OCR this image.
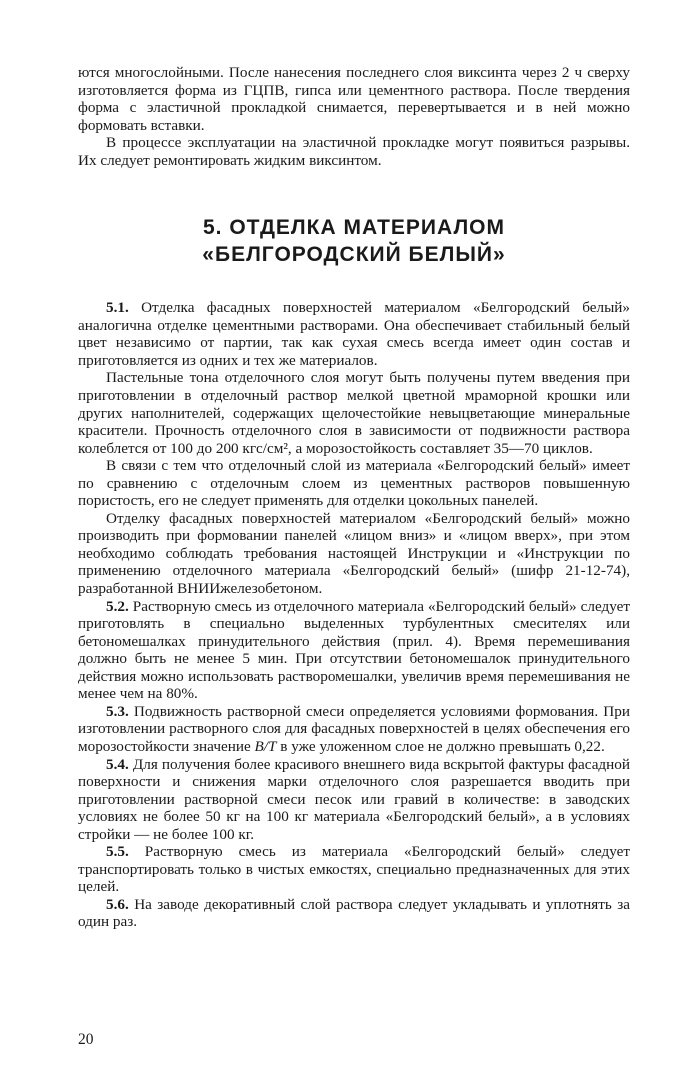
ются многослойными. После нанесения последнего слоя виксинта через 2 ч сверху изготовляется форма из ГЦПВ, гипса или цементного раствора. После твердения форма с эластичной прокладкой снимается, перевертывается и в ней можно формовать вставки.

В процессе эксплуатации на эластичной прокладке могут появиться разрывы. Их следует ремонтировать жидким виксинтом.

5. ОТДЕЛКА МАТЕРИАЛОМ
«БЕЛГОРОДСКИЙ БЕЛЫЙ»

5.1. Отделка фасадных поверхностей материалом «Белгородский белый» аналогична отделке цементными растворами. Она обеспечивает стабильный белый цвет независимо от партии, так как сухая смесь всегда имеет один состав и приготовляется из одних и тех же материалов.

Пастельные тона отделочного слоя могут быть получены путем введения при приготовлении в отделочный раствор мелкой цветной мраморной крошки или других наполнителей, содержащих щелочестойкие невыцветающие минеральные красители. Прочность отделочного слоя в зависимости от подвижности раствора колеблется от 100 до 200 кгс/см², а морозостойкость составляет 35—70 циклов.

В связи с тем что отделочный слой из материала «Белгородский белый» имеет по сравнению с отделочным слоем из цементных растворов повышенную пористость, его не следует применять для отделки цокольных панелей.

Отделку фасадных поверхностей материалом «Белгородский белый» можно производить при формовании панелей «лицом вниз» и «лицом вверх», при этом необходимо соблюдать требования настоящей Инструкции и «Инструкции по применению отделочного материала «Белгородский белый» (шифр 21-12-74), разработанной ВНИИжелезобетоном.

5.2. Растворную смесь из отделочного материала «Белгородский белый» следует приготовлять в специально выделенных турбулентных смесителях или бетономешалках принудительного действия (прил. 4). Время перемешивания должно быть не менее 5 мин. При отсутствии бетономешалок принудительного действия можно использовать растворомешалки, увеличив время перемешивания не менее чем на 80%.

5.3. Подвижность растворной смеси определяется условиями формования. При изготовлении растворного слоя для фасадных поверхностей в целях обеспечения его морозостойкости значение В/Т в уже уложенном слое не должно превышать 0,22.

5.4. Для получения более красивого внешнего вида вскрытой фактуры фасадной поверхности и снижения марки отделочного слоя разрешается вводить при приготовлении растворной смеси песок или гравий в количестве: в заводских условиях не более 50 кг на 100 кг материала «Белгородский белый», а в условиях стройки — не более 100 кг.

5.5. Растворную смесь из материала «Белгородский белый» следует транспортировать только в чистых емкостях, специально предназначенных для этих целей.

5.6. На заводе декоративный слой раствора следует укладывать и уплотнять за один раз.

20
